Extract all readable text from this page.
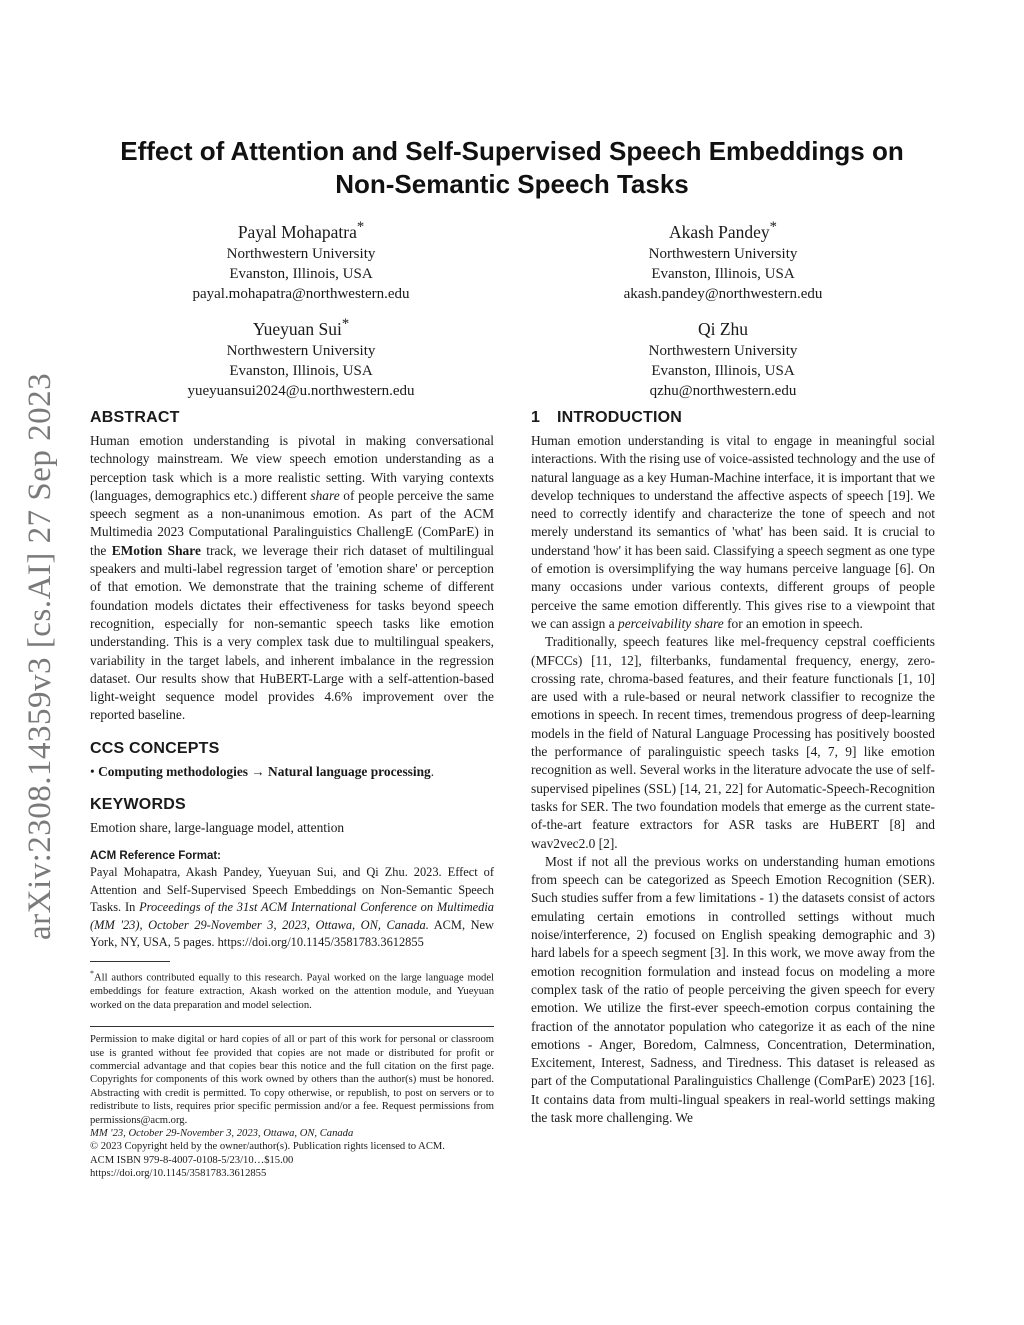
arXiv:2308.14359v3 [cs.AI] 27 Sep 2023
Effect of Attention and Self-Supervised Speech Embeddings on
Non-Semantic Speech Tasks
Payal Mohapatra*
Northwestern University
Evanston, Illinois, USA
payal.mohapatra@northwestern.edu
Akash Pandey*
Northwestern University
Evanston, Illinois, USA
akash.pandey@northwestern.edu
Yueyuan Sui*
Northwestern University
Evanston, Illinois, USA
yueyuansui2024@u.northwestern.edu
Qi Zhu
Northwestern University
Evanston, Illinois, USA
qzhu@northwestern.edu
ABSTRACT
Human emotion understanding is pivotal in making conversational technology mainstream. We view speech emotion understanding as a perception task which is a more realistic setting. With varying contexts (languages, demographics etc.) different share of people perceive the same speech segment as a non-unanimous emotion. As part of the ACM Multimedia 2023 Computational Paralinguistics ChallengE (ComParE) in the EMotion Share track, we leverage their rich dataset of multilingual speakers and multi-label regression target of 'emotion share' or perception of that emotion. We demonstrate that the training scheme of different foundation models dictates their effectiveness for tasks beyond speech recognition, especially for non-semantic speech tasks like emotion understanding. This is a very complex task due to multilingual speakers, variability in the target labels, and inherent imbalance in the regression dataset. Our results show that HuBERT-Large with a self-attention-based light-weight sequence model provides 4.6% improvement over the reported baseline.
CCS CONCEPTS
• Computing methodologies → Natural language processing.
KEYWORDS
Emotion share, large-language model, attention
ACM Reference Format:
Payal Mohapatra, Akash Pandey, Yueyuan Sui, and Qi Zhu. 2023. Effect of Attention and Self-Supervised Speech Embeddings on Non-Semantic Speech Tasks. In Proceedings of the 31st ACM International Conference on Multimedia (MM '23), October 29-November 3, 2023, Ottawa, ON, Canada. ACM, New York, NY, USA, 5 pages. https://doi.org/10.1145/3581783.3612855
*All authors contributed equally to this research. Payal worked on the large language model embeddings for feature extraction, Akash worked on the attention module, and Yueyuan worked on the data preparation and model selection.
Permission to make digital or hard copies of all or part of this work for personal or classroom use is granted without fee provided that copies are not made or distributed for profit or commercial advantage and that copies bear this notice and the full citation on the first page. Copyrights for components of this work owned by others than the author(s) must be honored. Abstracting with credit is permitted. To copy otherwise, or republish, to post on servers or to redistribute to lists, requires prior specific permission and/or a fee. Request permissions from permissions@acm.org.
MM '23, October 29-November 3, 2023, Ottawa, ON, Canada
© 2023 Copyright held by the owner/author(s). Publication rights licensed to ACM.
ACM ISBN 979-8-4007-0108-5/23/10…$15.00
https://doi.org/10.1145/3581783.3612855
1 INTRODUCTION
Human emotion understanding is vital to engage in meaningful social interactions. With the rising use of voice-assisted technology and the use of natural language as a key Human-Machine interface, it is important that we develop techniques to understand the affective aspects of speech [19]. We need to correctly identify and characterize the tone of speech and not merely understand its semantics of 'what' has been said. It is crucial to understand 'how' it has been said. Classifying a speech segment as one type of emotion is oversimplifying the way humans perceive language [6]. On many occasions under various contexts, different groups of people perceive the same emotion differently. This gives rise to a viewpoint that we can assign a perceivability share for an emotion in speech.
Traditionally, speech features like mel-frequency cepstral coefficients (MFCCs) [11, 12], filterbanks, fundamental frequency, energy, zero-crossing rate, chroma-based features, and their feature functionals [1, 10] are used with a rule-based or neural network classifier to recognize the emotions in speech. In recent times, tremendous progress of deep-learning models in the field of Natural Language Processing has positively boosted the performance of paralinguistic speech tasks [4, 7, 9] like emotion recognition as well. Several works in the literature advocate the use of self-supervised pipelines (SSL) [14, 21, 22] for Automatic-Speech-Recognition tasks for SER. The two foundation models that emerge as the current state-of-the-art feature extractors for ASR tasks are HuBERT [8] and wav2vec2.0 [2].
Most if not all the previous works on understanding human emotions from speech can be categorized as Speech Emotion Recognition (SER). Such studies suffer from a few limitations - 1) the datasets consist of actors emulating certain emotions in controlled settings without much noise/interference, 2) focused on English speaking demographic and 3) hard labels for a speech segment [3]. In this work, we move away from the emotion recognition formulation and instead focus on modeling a more complex task of the ratio of people perceiving the given speech for every emotion. We utilize the first-ever speech-emotion corpus containing the fraction of the annotator population who categorize it as each of the nine emotions - Anger, Boredom, Calmness, Concentration, Determination, Excitement, Interest, Sadness, and Tiredness. This dataset is released as part of the Computational Paralinguistics Challenge (ComParE) 2023 [16]. It contains data from multi-lingual speakers in real-world settings making the task more challenging. We
